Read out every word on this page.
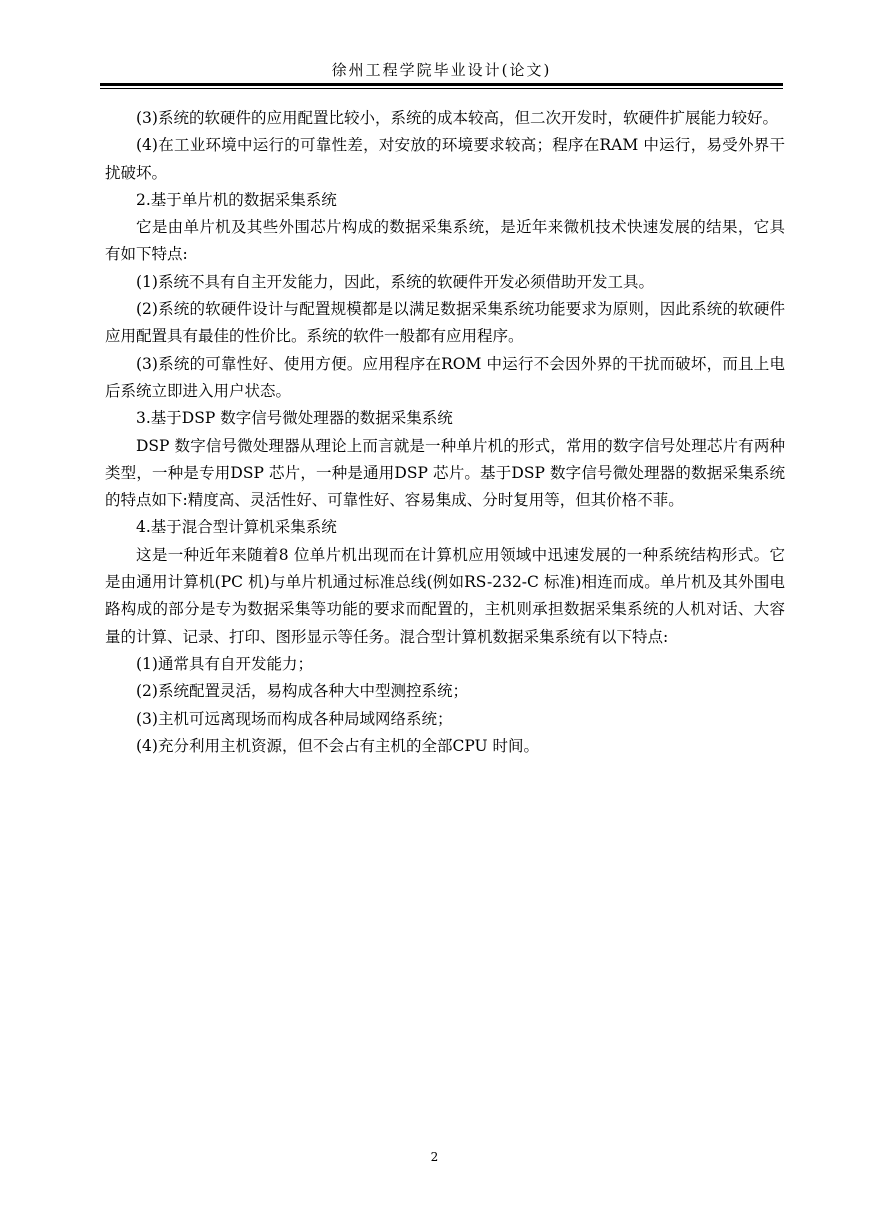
徐州工程学院毕业设计(论文)

(3)系统的软硬件的应用配置比较小，系统的成本较高，但二次开发时，软硬件扩展能力较好。

(4)在工业环境中运行的可靠性差，对安放的环境要求较高；程序在RAM 中运行，易受外界干扰破坏。

2.基于单片机的数据采集系统

它是由单片机及其些外围芯片构成的数据采集系统，是近年来微机技术快速发展的结果，它具有如下特点:

(1)系统不具有自主开发能力，因此，系统的软硬件开发必须借助开发工具。

(2)系统的软硬件设计与配置规模都是以满足数据采集系统功能要求为原则，因此系统的软硬件应用配置具有最佳的性价比。系统的软件一般都有应用程序。

(3)系统的可靠性好、使用方便。应用程序在ROM 中运行不会因外界的干扰而破坏，而且上电后系统立即进入用户状态。

3.基于DSP 数字信号微处理器的数据采集系统

DSP 数字信号微处理器从理论上而言就是一种单片机的形式，常用的数字信号处理芯片有两种类型，一种是专用DSP 芯片，一种是通用DSP 芯片。基于DSP 数字信号微处理器的数据采集系统的特点如下:精度高、灵活性好、可靠性好、容易集成、分时复用等，但其价格不菲。

4.基于混合型计算机采集系统

这是一种近年来随着8 位单片机出现而在计算机应用领域中迅速发展的一种系统结构形式。它是由通用计算机(PC 机)与单片机通过标准总线(例如RS-232-C 标准)相连而成。单片机及其外围电路构成的部分是专为数据采集等功能的要求而配置的，主机则承担数据采集系统的人机对话、大容量的计算、记录、打印、图形显示等任务。混合型计算机数据采集系统有以下特点:

(1)通常具有自开发能力；

(2)系统配置灵活，易构成各种大中型测控系统；

(3)主机可远离现场而构成各种局域网络系统；

(4)充分利用主机资源，但不会占有主机的全部CPU 时间。

2
